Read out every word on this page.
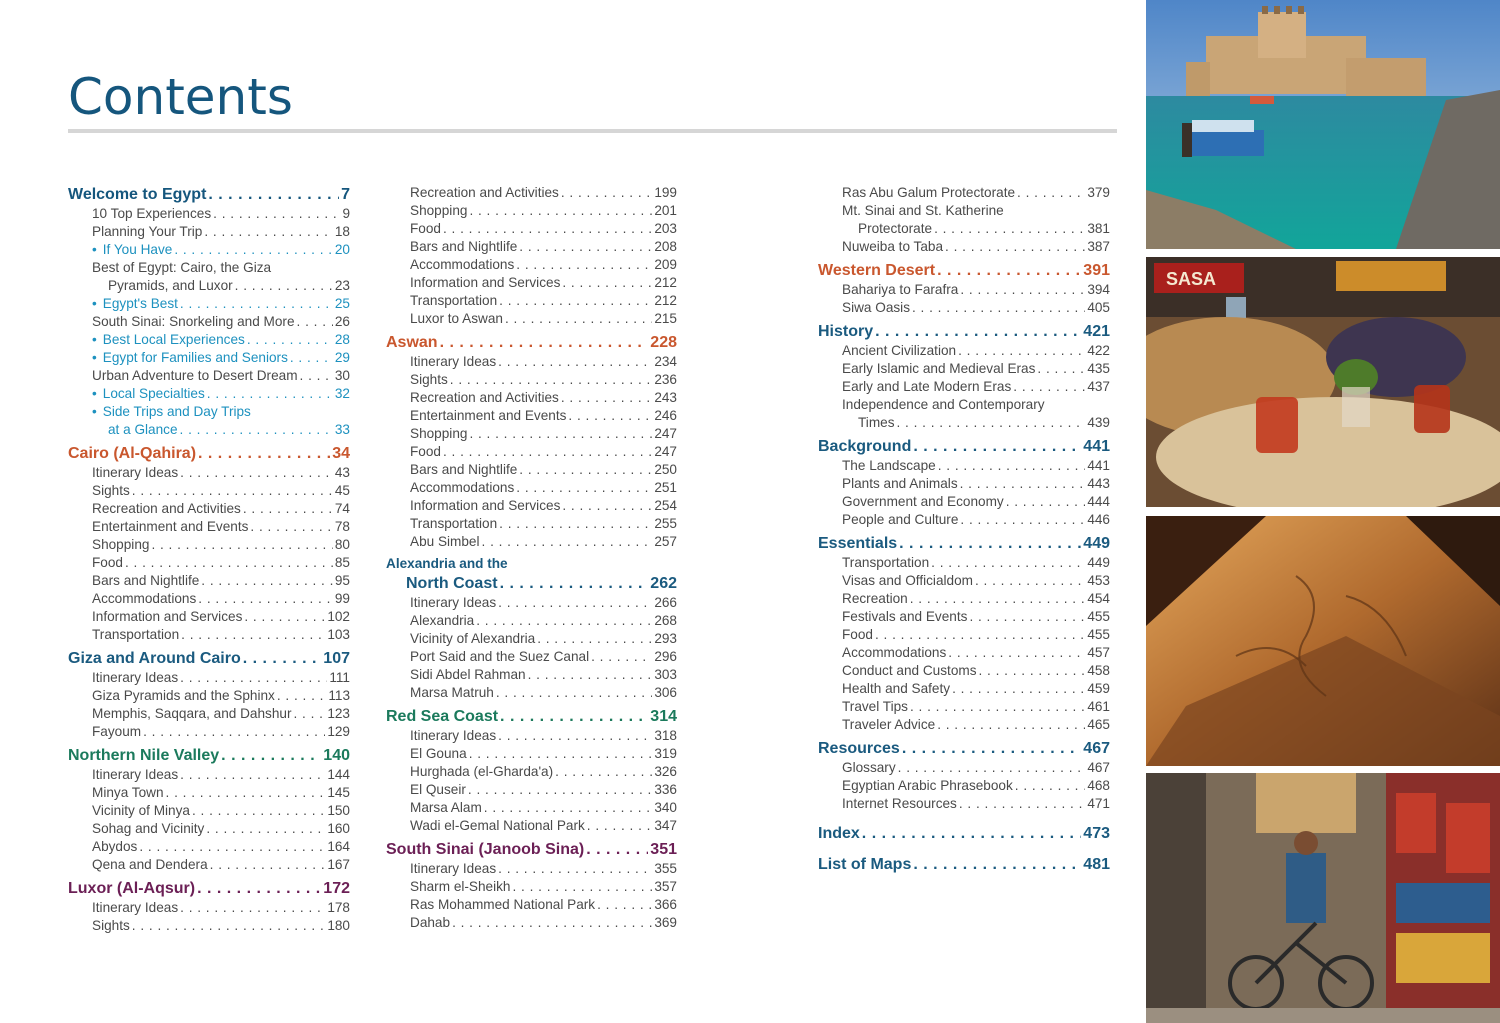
Contents
Welcome to Egypt . . .	7
10 Top Experiences . . .	9
Planning Your Trip . . .	18
• If You Have . . .	20
Best of Egypt: Cairo, the Giza
Pyramids, and Luxor . . .	23
• Egypt's Best . . .	25
South Sinai: Snorkeling and More . . .	26
• Best Local Experiences . . .	28
• Egypt for Families and Seniors . . .	29
Urban Adventure to Desert Dream . . .	30
• Local Specialties . . .	32
• Side Trips and Day Trips
at a Glance . . .	33
Cairo (Al-Qahira) . . .	34
Itinerary Ideas . . .	43
Sights . . .	45
Recreation and Activities . . .	74
Entertainment and Events . . .	78
Shopping . . .	80
Food . . .	85
Bars and Nightlife . . .	95
Accommodations . . .	99
Information and Services . . .	102
Transportation . . .	103
Giza and Around Cairo . . .	107
Itinerary Ideas . . .	111
Giza Pyramids and the Sphinx . . .	113
Memphis, Saqqara, and Dahshur . . .	123
Fayoum . . .	129
Northern Nile Valley . . .	140
Itinerary Ideas . . .	144
Minya Town . . .	145
Vicinity of Minya . . .	150
Sohag and Vicinity . . .	160
Abydos . . .	164
Qena and Dendera . . .	167
Luxor (Al-Aqsur) . . .	172
Itinerary Ideas . . .	178
Sights . . .	180
Recreation and Activities . . .	199
Shopping . . .	201
Food . . .	203
Bars and Nightlife . . .	208
Accommodations . . .	209
Information and Services . . .	212
Transportation . . .	212
Luxor to Aswan . . .	215
Aswan . . .	228
Itinerary Ideas . . .	234
Sights . . .	236
Recreation and Activities . . .	243
Entertainment and Events . . .	246
Shopping . . .	247
Food . . .	247
Bars and Nightlife . . .	250
Accommodations . . .	251
Information and Services . . .	254
Transportation . . .	255
Abu Simbel . . .	257
Alexandria and the
North Coast . . .	262
Itinerary Ideas . . .	266
Alexandria . . .	268
Vicinity of Alexandria . . .	293
Port Said and the Suez Canal . . .	296
Sidi Abdel Rahman . . .	303
Marsa Matruh . . .	306
Red Sea Coast . . .	314
Itinerary Ideas . . .	318
El Gouna . . .	319
Hurghada (el-Gharda'a) . . .	326
El Quseir . . .	336
Marsa Alam . . .	340
Wadi el-Gemal National Park . . .	347
South Sinai (Janoob Sina) . . .	351
Itinerary Ideas . . .	355
Sharm el-Sheikh . . .	357
Ras Mohammed National Park . . .	366
Dahab . . .	369
Ras Abu Galum Protectorate . . .	379
Mt. Sinai and St. Katherine
Protectorate . . .	381
Nuweiba to Taba . . .	387
Western Desert . . .	391
Bahariya to Farafra . . .	394
Siwa Oasis . . .	405
History . . .	421
Ancient Civilization . . .	422
Early Islamic and Medieval Eras . . .	435
Early and Late Modern Eras . . .	437
Independence and Contemporary
Times . . .	439
Background . . .	441
The Landscape . . .	441
Plants and Animals . . .	443
Government and Economy . . .	444
People and Culture . . .	446
Essentials . . .	449
Transportation . . .	449
Visas and Officialdom . . .	453
Recreation . . .	454
Festivals and Events . . .	455
Food . . .	455
Accommodations . . .	457
Conduct and Customs . . .	458
Health and Safety . . .	459
Travel Tips . . .	461
Traveler Advice . . .	465
Resources . . .	467
Glossary . . .	467
Egyptian Arabic Phrasebook . . .	468
Internet Resources . . .	471
Index . . .	473
List of Maps . . .	481
SASA
